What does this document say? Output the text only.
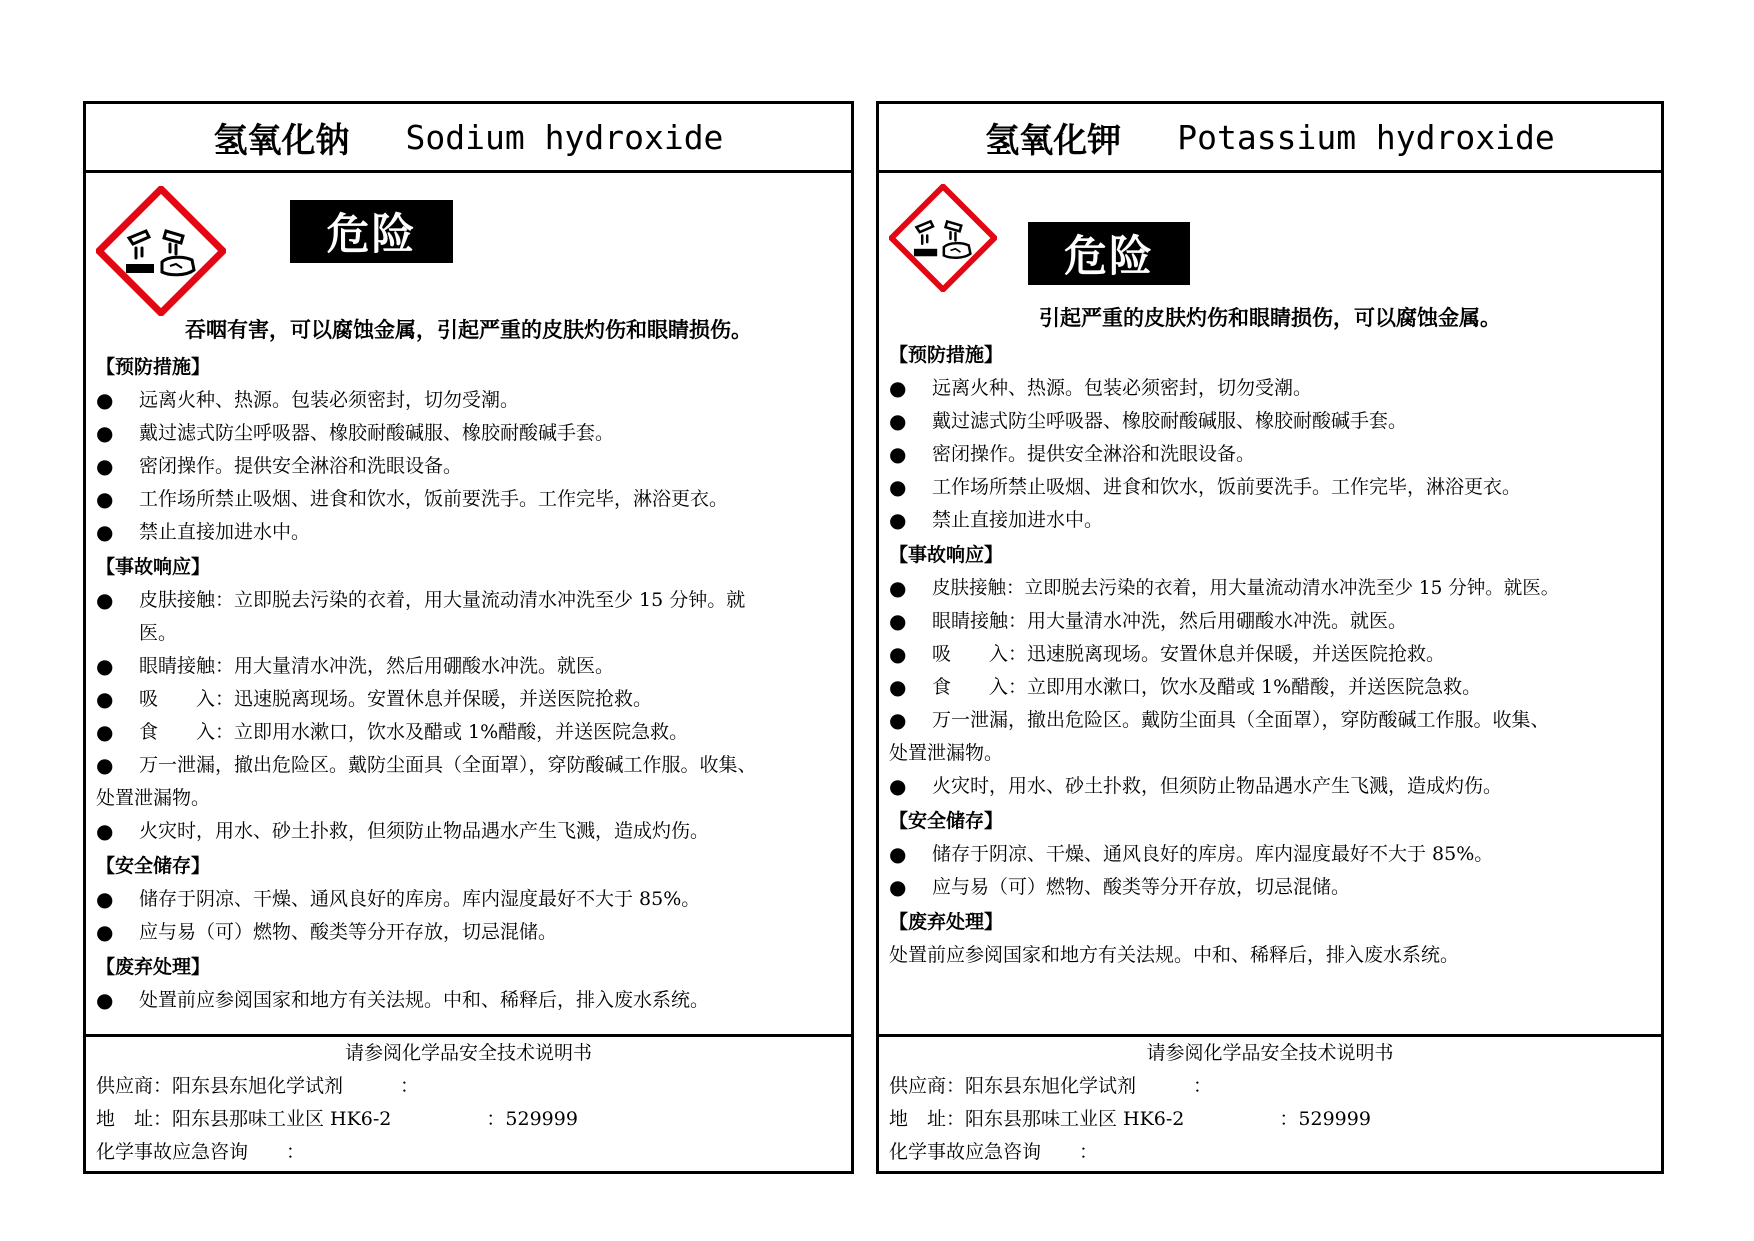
氢氧化钠 Sodium hydroxide
危险
吞咽有害，可以腐蚀金属，引起严重的皮肤灼伤和眼睛损伤。
【预防措施】
●	远离火种、热源。包装必须密封，切勿受潮。
●	戴过滤式防尘呼吸器、橡胶耐酸碱服、橡胶耐酸碱手套。
●	密闭操作。提供安全淋浴和洗眼设备。
●	工作场所禁止吸烟、进食和饮水，饭前要洗手。工作完毕，淋浴更衣。
●	禁止直接加进水中。
【事故响应】
●	皮肤接触：立即脱去污染的衣着，用大量流动清水冲洗至少 15 分钟。就
医。
●	眼睛接触：用大量清水冲洗，然后用硼酸水冲洗。就医。
●	吸　　入：迅速脱离现场。安置休息并保暖，并送医院抢救。
●	食　　入：立即用水漱口，饮水及醋或 1%醋酸，并送医院急救。
●	万一泄漏，撤出危险区。戴防尘面具（全面罩），穿防酸碱工作服。收集、
处置泄漏物。
●	火灾时，用水、砂土扑救，但须防止物品遇水产生飞溅，造成灼伤。
【安全储存】
●	储存于阴凉、干燥、通风良好的库房。库内湿度最好不大于 85%。
●	应与易（可）燃物、酸类等分开存放，切忌混储。
【废弃处理】
●	处置前应参阅国家和地方有关法规。中和、稀释后，排入废水系统。
请参阅化学品安全技术说明书
供应商：阳东县东旭化学试剂　　　：
地　址：阳东县那味工业区 HK6-2　　　　　：529999
化学事故应急咨询　　：
氢氧化钾 Potassium hydroxide
危险
引起严重的皮肤灼伤和眼睛损伤，可以腐蚀金属。
【预防措施】
●	远离火种、热源。包装必须密封，切勿受潮。
●	戴过滤式防尘呼吸器、橡胶耐酸碱服、橡胶耐酸碱手套。
●	密闭操作。提供安全淋浴和洗眼设备。
●	工作场所禁止吸烟、进食和饮水，饭前要洗手。工作完毕，淋浴更衣。
●	禁止直接加进水中。
【事故响应】
●	皮肤接触：立即脱去污染的衣着，用大量流动清水冲洗至少 15 分钟。就医。
●	眼睛接触：用大量清水冲洗，然后用硼酸水冲洗。就医。
●	吸　　入：迅速脱离现场。安置休息并保暖，并送医院抢救。
●	食　　入：立即用水漱口，饮水及醋或 1%醋酸，并送医院急救。
●	万一泄漏，撤出危险区。戴防尘面具（全面罩），穿防酸碱工作服。收集、
处置泄漏物。
●	火灾时，用水、砂土扑救，但须防止物品遇水产生飞溅，造成灼伤。
【安全储存】
●	储存于阴凉、干燥、通风良好的库房。库内湿度最好不大于 85%。
●	应与易（可）燃物、酸类等分开存放，切忌混储。
【废弃处理】
处置前应参阅国家和地方有关法规。中和、稀释后，排入废水系统。
请参阅化学品安全技术说明书
供应商：阳东县东旭化学试剂　　　：
地　址：阳东县那味工业区 HK6-2　　　　　：529999
化学事故应急咨询　　：
